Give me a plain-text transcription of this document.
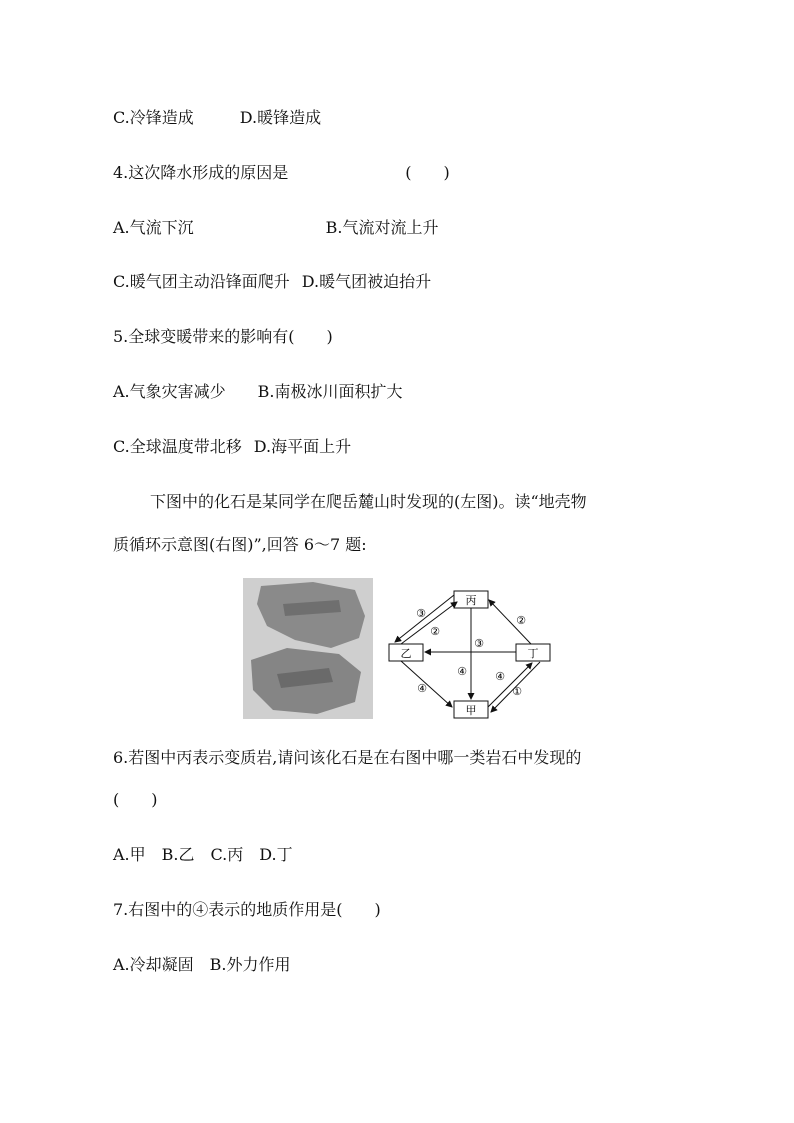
C.冷锋造成	D.暖锋造成
4.这次降水形成的原因是	(　　)
A.气流下沉	B.气流对流上升
C.暖气团主动沿锋面爬升 D.暖气团被迫抬升
5.全球变暖带来的影响有(　　)
A.气象灾害减少 B.南极冰川面积扩大
C.全球温度带北移 D.海平面上升
下图中的化石是某同学在爬岳麓山时发现的(左图)。读“地壳物
质循环示意图(右图)”,回答 6～7 题:
丙
乙	丁
甲
③
②
②
③
④
④
④
①
6.若图中丙表示变质岩,请问该化石是在右图中哪一类岩石中发现的
(　　)
A.甲　B.乙　C.丙　D.丁
7.右图中的④表示的地质作用是(　　)
A.冷却凝固 B.外力作用
